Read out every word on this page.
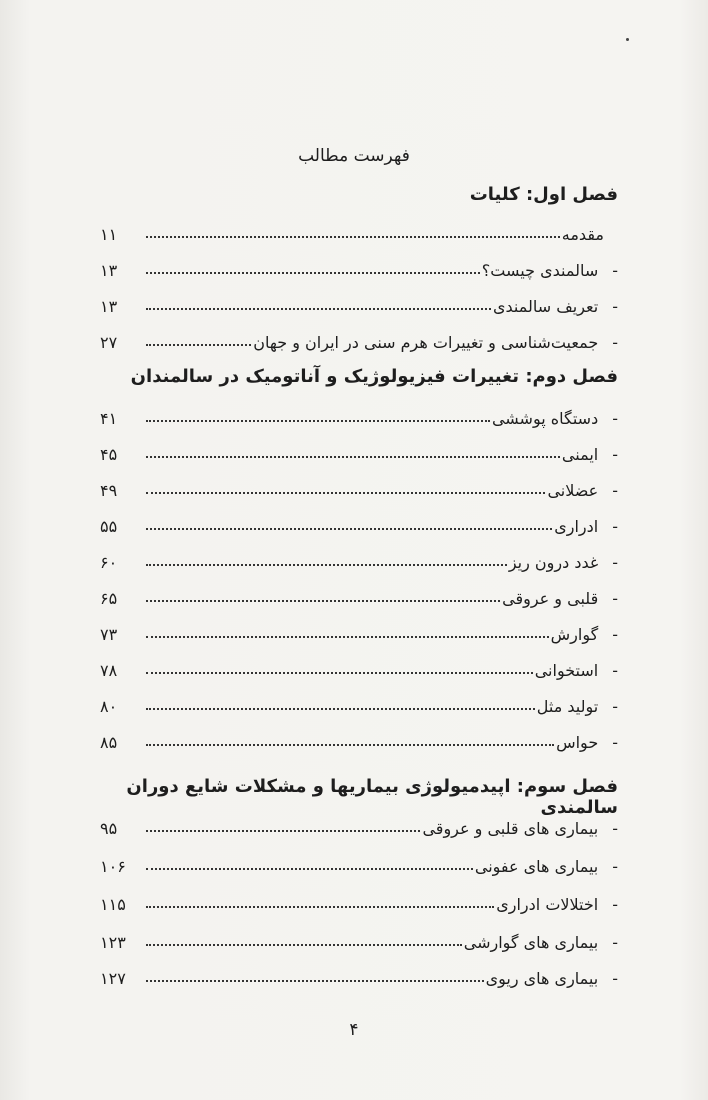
فهرست مطالب
فصل اول: کلیات
مقدمه
۱۱
-
سالمندی چیست؟
۱۳
-
تعریف سالمندی
۱۳
-
جمعیت‌شناسی و تغییرات هرم سنی در ایران و جهان
۲۷
فصل دوم: تغییرات فیزیولوژیک و آناتومیک در سالمندان
-
دستگاه پوششی
۴۱
-
ایمنی
۴۵
-
عضلانی
۴۹
-
ادراری
۵۵
-
غدد درون ریز
۶۰
-
قلبی و عروقی
۶۵
-
گوارش
۷۳
-
استخوانی
۷۸
-
تولید مثل
۸۰
-
حواس
۸۵
فصل سوم: اپیدمیولوژی بیماریها و مشکلات شایع دوران سالمندی
-
بیماری های قلبی و عروقی
۹۵
-
بیماری های عفونی
۱۰۶
-
اختلالات ادراری
۱۱۵
-
بیماری های گوارشی
۱۲۳
-
بیماری های ریوی
۱۲۷
۴
